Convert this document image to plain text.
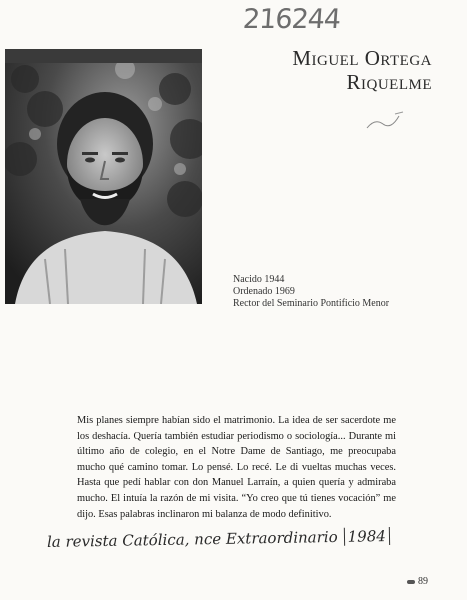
216244
Miguel Ortega
Riquelme
Nacido 1944
Ordenado 1969
Rector del Seminario Pontificio Menor
Mis planes siempre habían sido el matrimonio. La idea de ser sacerdote me los deshacía. Quería también estudiar periodismo o sociología... Durante mi último año de colegio, en el Notre Dame de Santiago, me preocupaba mucho qué camino tomar. Lo pensé. Lo recé. Le di vueltas muchas veces. Hasta que pedí hablar con don Manuel Larraín, a quien quería y admiraba mucho. El intuía la razón de mi visita. “Yo creo que tú tienes vocación” me dijo. Esas palabras inclinaron mi balanza de modo definitivo.
la revista Católica, nce Extraordinario 1984
89
